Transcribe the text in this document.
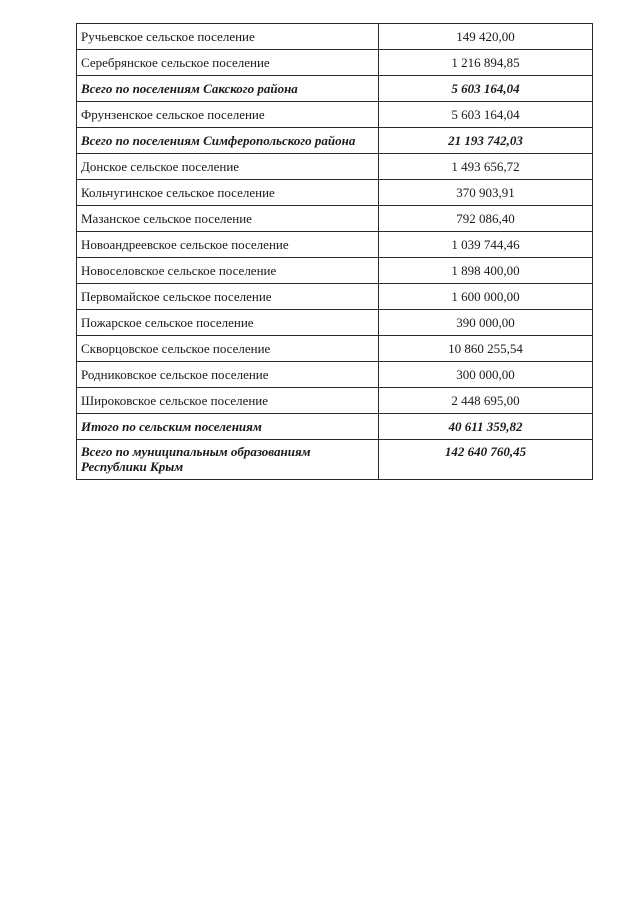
Ручьевское сельское поселение	149 420,00
Серебрянское сельское поселение	1 216 894,85
Всего по поселениям Сакского района	5 603 164,04
Фрунзенское сельское поселение	5 603 164,04
Всего по поселениям Симферопольского района	21 193 742,03
Донское сельское поселение	1 493 656,72
Кольчугинское сельское поселение	370 903,91
Мазанское сельское поселение	792 086,40
Новоандреевское сельское поселение	1 039 744,46
Новоселовское сельское поселение	1 898 400,00
Первомайское сельское поселение	1 600 000,00
Пожарское сельское поселение	390 000,00
Скворцовское сельское поселение	10 860 255,54
Родниковское сельское поселение	300 000,00
Широковское сельское поселение	2 448 695,00
Итого по сельским поселениям	40 611 359,82
Всего по муниципальным образованиям Республики Крым	142 640 760,45
